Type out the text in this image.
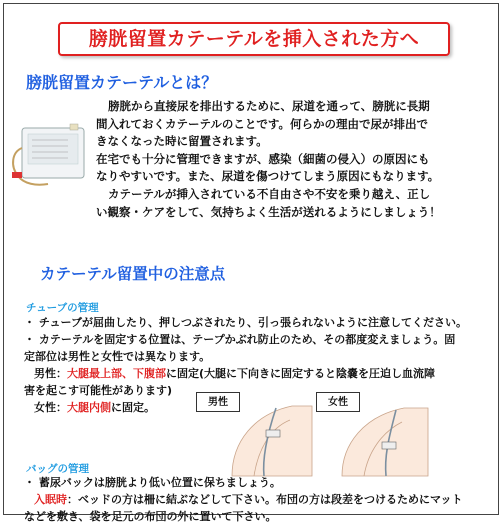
膀胱留置カテーテルを挿入された方へ
膀胱留置カテーテルとは？

膀胱から直接尿を排出するために、尿道を通って、膀胱に長期

間入れておくカテーテルのことです。何らかの理由で尿が排出で

きなくなった時に留置されます。

在宅でも十分に管理できますが、感染（細菌の侵入）の原因にも

なりやすいです。また、尿道を傷つけてしまう原因にもなります。

カテーテルが挿入されている不自由さや不安を乗り越え、正し

い観察・ケアをして、気持ちよく生活が送れるようにしましょう！

カテーテル留置中の注意点
チューブの管理
・ チューブが屈曲したり、押しつぶされたり、引っ張られないように注意してください。
・ カテーテルを固定する位置は、テープかぶれ防止のため、その都度変えましょう。固
定部位は男性と女性では異なります。
男性：大腿最上部、下腹部に固定(大腿に下向きに固定すると陰嚢を圧迫し血流障
害を起こす可能性があります)
女性：大腿内側に固定。	男性	女性
バッグの管理
・ 蓄尿バックは膀胱より低い位置に保ちましょう。
入眠時：ベッドの方は柵に結ぶなどして下さい。布団の方は段差をつけるためにマット
などを敷き、袋を足元の布団の外に置いて下さい。
